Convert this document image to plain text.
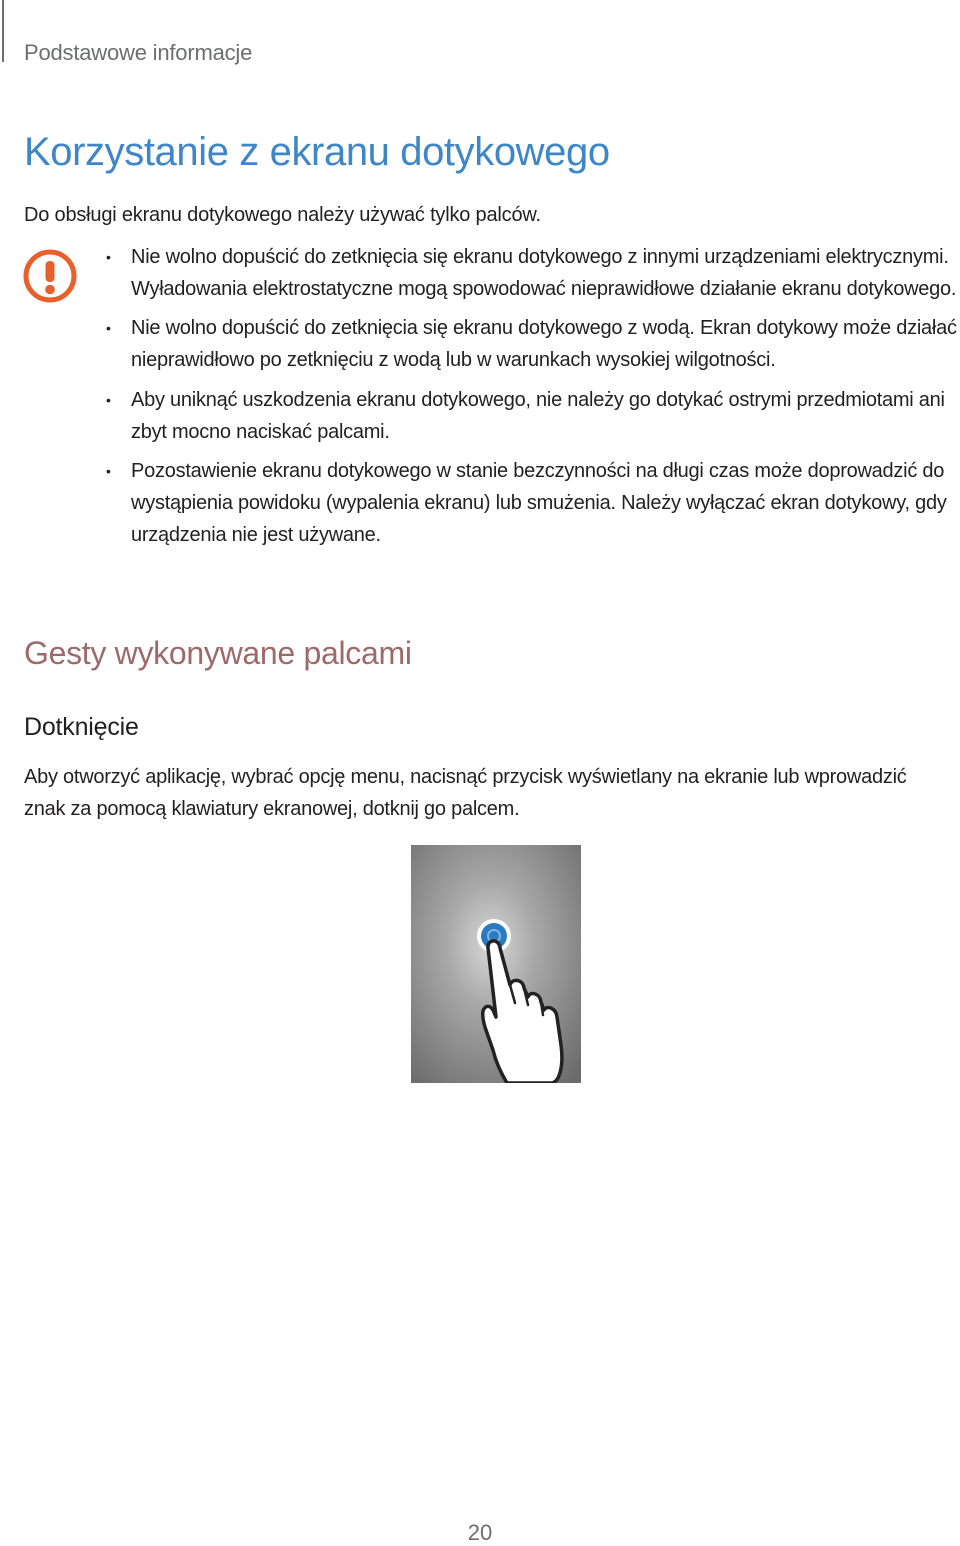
Podstawowe informacje
Korzystanie z ekranu dotykowego

Do obsługi ekranu dotykowego należy używać tylko palców.

• Nie wolno dopuścić do zetknięcia się ekranu dotykowego z innymi urządzeniami elektrycznymi. Wyładowania elektrostatyczne mogą spowodować nieprawidłowe działanie ekranu dotykowego.
• Nie wolno dopuścić do zetknięcia się ekranu dotykowego z wodą. Ekran dotykowy może działać nieprawidłowo po zetknięciu z wodą lub w warunkach wysokiej wilgotności.
• Aby uniknąć uszkodzenia ekranu dotykowego, nie należy go dotykać ostrymi przedmiotami ani zbyt mocno naciskać palcami.
• Pozostawienie ekranu dotykowego w stanie bezczynności na długi czas może doprowadzić do wystąpienia powidoku (wypalenia ekranu) lub smużenia. Należy wyłączać ekran dotykowy, gdy urządzenia nie jest używane.
Gesty wykonywane palcami
Dotknięcie

Aby otworzyć aplikację, wybrać opcję menu, nacisnąć przycisk wyświetlany na ekranie lub wprowadzić znak za pomocą klawiatury ekranowej, dotknij go palcem.

20
